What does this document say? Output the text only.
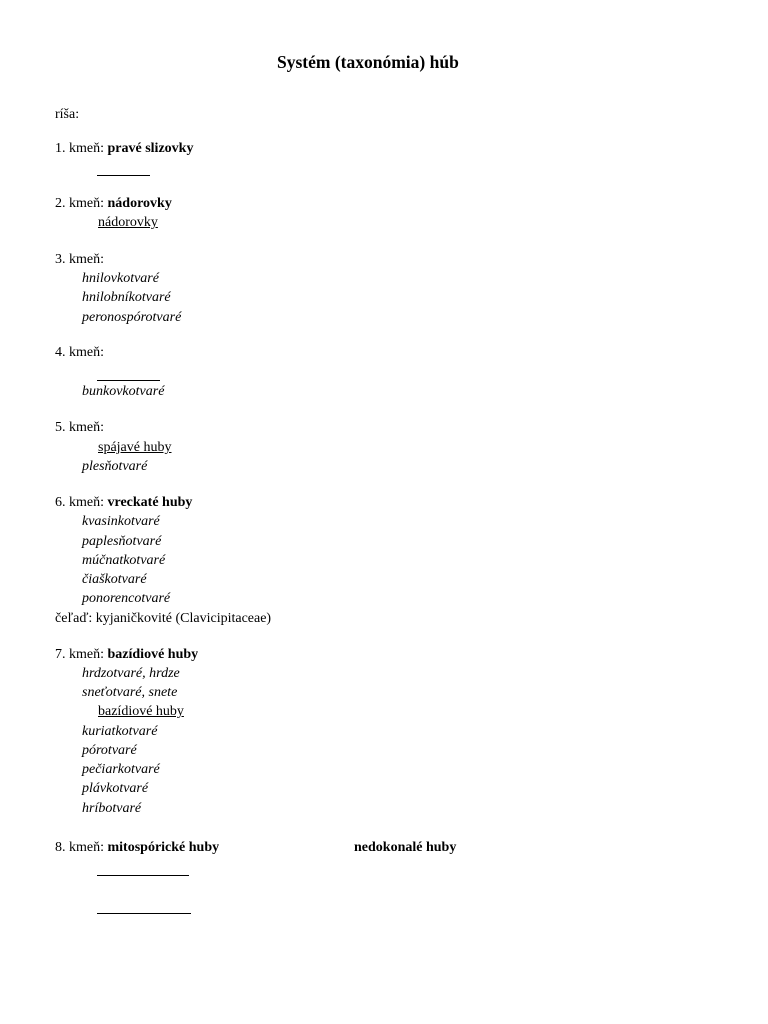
Systém (taxonómia) húb
ríša:
1. kmeň: pravé slizovky
2. kmeň: nádorovky
nádorovky
3. kmeň:
hnilovkotvaré
hnilobníkotvaré
peronospórotvaré
4. kmeň:
bunkovkotvaré
5. kmeň:
spájavé huby
plesňotvaré
6. kmeň: vreckaté huby
kvasinkotvaré
paplesňotvaré
múčnatkotvaré
čiaškotvaré
ponorencotvaré
čeľaď: kyjaničkovité (Clavicipitaceae)
7. kmeň: bazídiové huby
hrdzotvaré, hrdze
sneťotvaré, snete
bazídiové huby
kuriatkotvaré
pórotvaré
pečiarkotvaré
plávkotvaré
hríbotvaré
8. kmeň: mitospórické huby	nedokonalé huby
